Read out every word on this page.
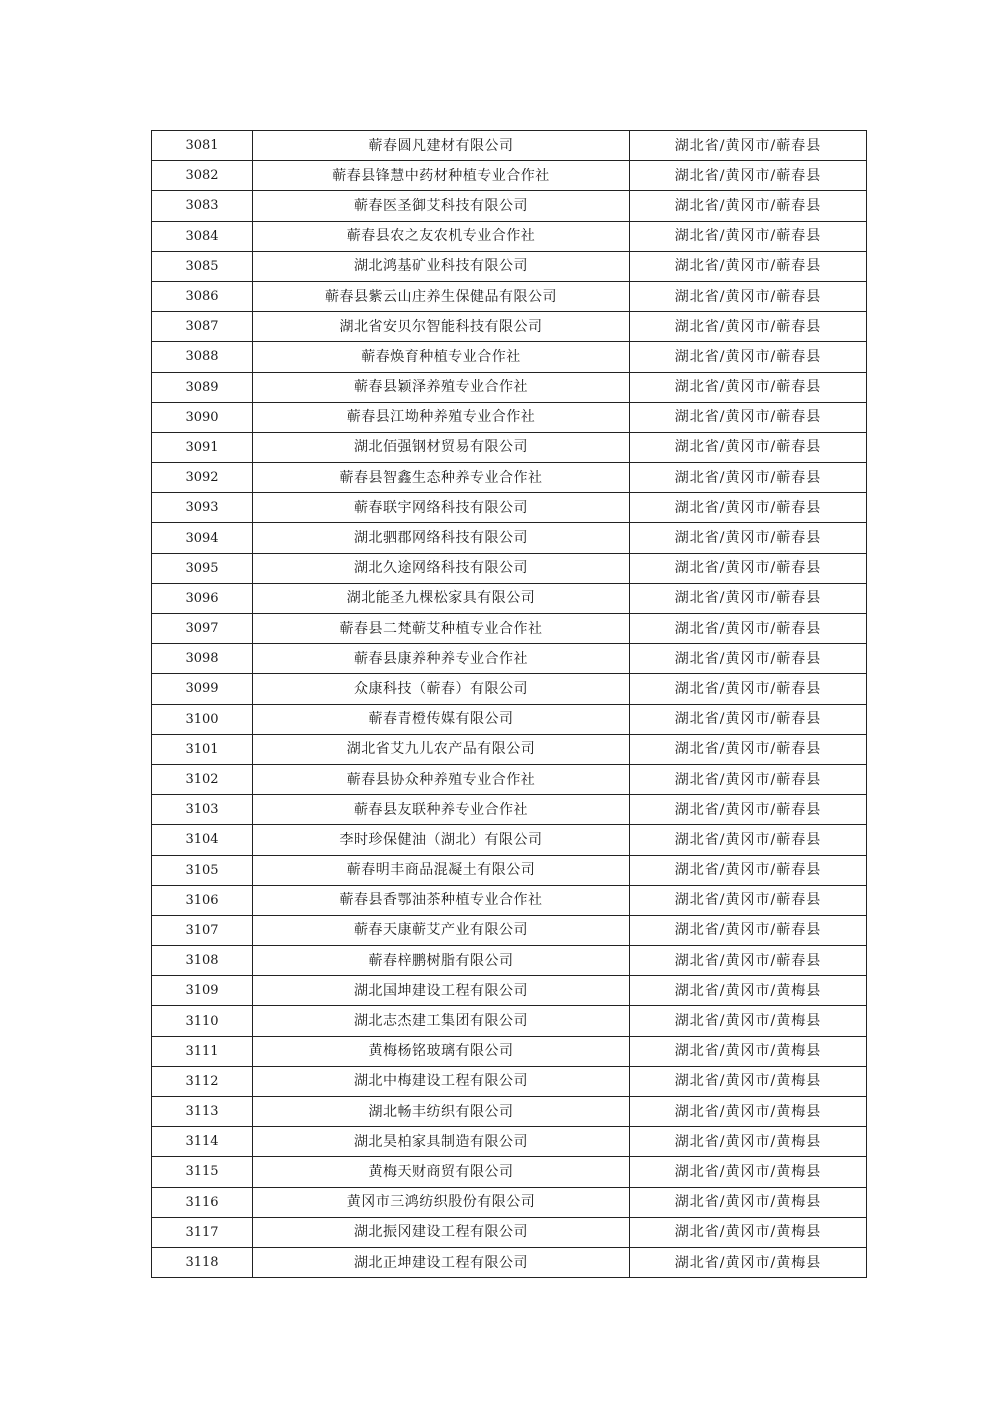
3081	蕲春圆凡建材有限公司	湖北省/黄冈市/蕲春县
3082	蕲春县锋慧中药材种植专业合作社	湖北省/黄冈市/蕲春县
3083	蕲春医圣御艾科技有限公司	湖北省/黄冈市/蕲春县
3084	蕲春县农之友农机专业合作社	湖北省/黄冈市/蕲春县
3085	湖北鸿基矿业科技有限公司	湖北省/黄冈市/蕲春县
3086	蕲春县紫云山庄养生保健品有限公司	湖北省/黄冈市/蕲春县
3087	湖北省安贝尔智能科技有限公司	湖北省/黄冈市/蕲春县
3088	蕲春焕育种植专业合作社	湖北省/黄冈市/蕲春县
3089	蕲春县颖泽养殖专业合作社	湖北省/黄冈市/蕲春县
3090	蕲春县江坳种养殖专业合作社	湖北省/黄冈市/蕲春县
3091	湖北佰强钢材贸易有限公司	湖北省/黄冈市/蕲春县
3092	蕲春县智鑫生态种养专业合作社	湖北省/黄冈市/蕲春县
3093	蕲春联宇网络科技有限公司	湖北省/黄冈市/蕲春县
3094	湖北驷郡网络科技有限公司	湖北省/黄冈市/蕲春县
3095	湖北久途网络科技有限公司	湖北省/黄冈市/蕲春县
3096	湖北能圣九棵松家具有限公司	湖北省/黄冈市/蕲春县
3097	蕲春县二梵蕲艾种植专业合作社	湖北省/黄冈市/蕲春县
3098	蕲春县康养种养专业合作社	湖北省/黄冈市/蕲春县
3099	众康科技（蕲春）有限公司	湖北省/黄冈市/蕲春县
3100	蕲春青橙传媒有限公司	湖北省/黄冈市/蕲春县
3101	湖北省艾九儿农产品有限公司	湖北省/黄冈市/蕲春县
3102	蕲春县协众种养殖专业合作社	湖北省/黄冈市/蕲春县
3103	蕲春县友联种养专业合作社	湖北省/黄冈市/蕲春县
3104	李时珍保健油（湖北）有限公司	湖北省/黄冈市/蕲春县
3105	蕲春明丰商品混凝土有限公司	湖北省/黄冈市/蕲春县
3106	蕲春县香鄂油茶种植专业合作社	湖北省/黄冈市/蕲春县
3107	蕲春天康蕲艾产业有限公司	湖北省/黄冈市/蕲春县
3108	蕲春梓鹏树脂有限公司	湖北省/黄冈市/蕲春县
3109	湖北国坤建设工程有限公司	湖北省/黄冈市/黄梅县
3110	湖北志杰建工集团有限公司	湖北省/黄冈市/黄梅县
3111	黄梅杨铭玻璃有限公司	湖北省/黄冈市/黄梅县
3112	湖北中梅建设工程有限公司	湖北省/黄冈市/黄梅县
3113	湖北畅丰纺织有限公司	湖北省/黄冈市/黄梅县
3114	湖北昊柏家具制造有限公司	湖北省/黄冈市/黄梅县
3115	黄梅天财商贸有限公司	湖北省/黄冈市/黄梅县
3116	黄冈市三鸿纺织股份有限公司	湖北省/黄冈市/黄梅县
3117	湖北振冈建设工程有限公司	湖北省/黄冈市/黄梅县
3118	湖北正坤建设工程有限公司	湖北省/黄冈市/黄梅县
